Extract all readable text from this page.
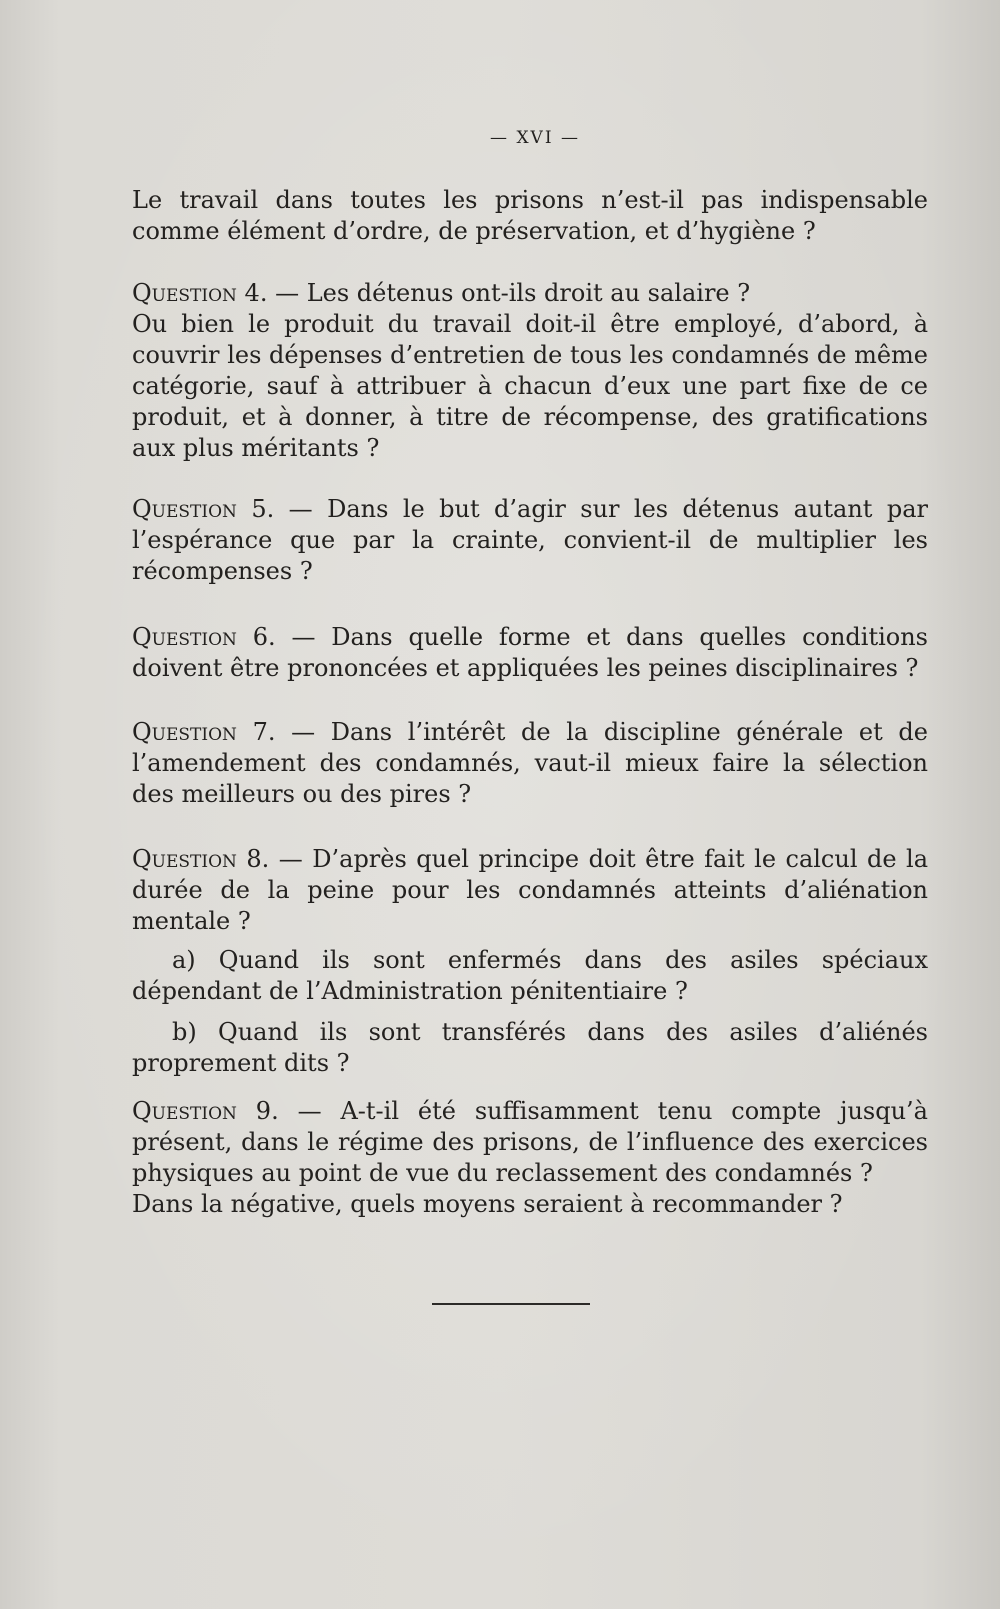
— XVI —

Le travail dans toutes les prisons n’est-il pas indispensable comme élément d’ordre, de préservation, et d’hygiène ?

Question 4. — Les détenus ont-ils droit au salaire ?

Ou bien le produit du travail doit-il être employé, d’abord, à couvrir les dépenses d’entretien de tous les condamnés de même catégorie, sauf à attribuer à chacun d’eux une part fixe de ce produit, et à donner, à titre de récompense, des gratifications aux plus méritants ?

Question 5. — Dans le but d’agir sur les détenus autant par l’espérance que par la crainte, convient-il de multiplier les récompenses ?

Question 6. — Dans quelle forme et dans quelles conditions doivent être prononcées et appliquées les peines disciplinaires ?

Question 7. — Dans l’intérêt de la discipline générale et de l’amendement des condamnés, vaut-il mieux faire la sélection des meilleurs ou des pires ?

Question 8. — D’après quel principe doit être fait le calcul de la durée de la peine pour les condamnés atteints d’aliénation mentale ?

a) Quand ils sont enfermés dans des asiles spéciaux dépendant de l’Administration pénitentiaire ?

b) Quand ils sont transférés dans des asiles d’aliénés proprement dits ?

Question 9. — A-t-il été suffisamment tenu compte jusqu’à présent, dans le régime des prisons, de l’influence des exercices physiques au point de vue du reclassement des condamnés ?

Dans la négative, quels moyens seraient à recommander ?
